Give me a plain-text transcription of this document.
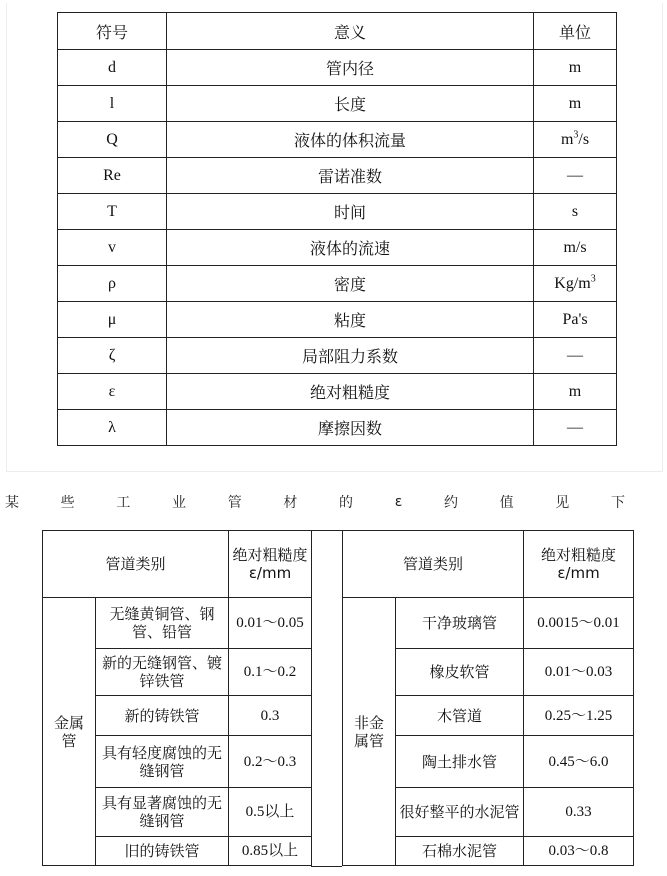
符号	意义	单位
d	管内径	m
l	长度	m
Q	液体的体积流量	$m^3/s$
Re	雷诺准数	—
T	时间	s
v	液体的流速	m/s
ρ	密度	$Kg/m^3$
μ	粘度	Pa's
ζ	局部阻力系数	—
ε	绝对粗糙度	m
λ	摩擦因数	—
某	些	工	业	管	材	的	ε	约	值	见	下
管道类别		绝对粗糙度ε/mm

金属管	无缝黄铜管、钢管、铅管	0.01～0.05
	新的无缝钢管、镀锌铁管	0.1～0.2
	新的铸铁管	0.3
	具有轻度腐蚀的无缝钢管	0.2～0.3
	具有显著腐蚀的无缝钢管	0.5以上
	旧的铸铁管	0.85以上
管道类别		绝对粗糙度ε/mm

非金属管	干净玻璃管	0.0015～0.01
	橡皮软管	0.01～0.03
	木管道	0.25～1.25
	陶土排水管	0.45～6.0
	很好整平的水泥管	0.33
	石棉水泥管	0.03～0.8
